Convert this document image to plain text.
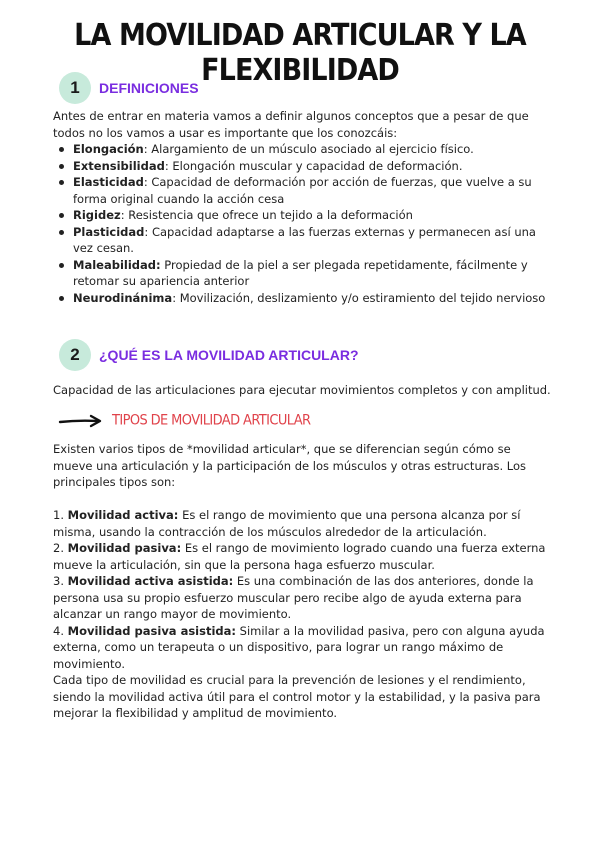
LA MOVILIDAD ARTICULAR Y LA FLEXIBILIDAD
1	DEFINICIONES

Antes de entrar en materia vamos a definir algunos conceptos que a pesar de que todos no los vamos a usar es importante que los conozcáis:

Elongación: Alargamiento de un músculo asociado al ejercicio físico.
Extensibilidad: Elongación muscular y capacidad de deformación.
Elasticidad: Capacidad de deformación por acción de fuerzas, que vuelve a su forma original cuando la acción cesa
Rigidez: Resistencia que ofrece un tejido a la deformación
Plasticidad: Capacidad adaptarse a las fuerzas externas y permanecen así una vez cesan.
Maleabilidad: Propiedad de la piel a ser plegada repetidamente, fácilmente y retomar su apariencia anterior
Neurodinánima: Movilización, deslizamiento y/o estiramiento del tejido nervioso
2	¿QUÉ ES LA MOVILIDAD ARTICULAR?

Capacidad de las articulaciones para ejecutar movimientos completos y con amplitud.

TIPOS DE MOVILIDAD ARTICULAR

Existen varios tipos de *movilidad articular*, que se diferencian según cómo se mueve una articulación y la participación de los músculos y otras estructuras. Los principales tipos son:

1. Movilidad activa: Es el rango de movimiento que una persona alcanza por sí misma, usando la contracción de los músculos alrededor de la articulación.

2. Movilidad pasiva: Es el rango de movimiento logrado cuando una fuerza externa mueve la articulación, sin que la persona haga esfuerzo muscular.

3. Movilidad activa asistida: Es una combinación de las dos anteriores, donde la persona usa su propio esfuerzo muscular pero recibe algo de ayuda externa para alcanzar un rango mayor de movimiento.

4. Movilidad pasiva asistida: Similar a la movilidad pasiva, pero con alguna ayuda externa, como un terapeuta o un dispositivo, para lograr un rango máximo de movimiento.

Cada tipo de movilidad es crucial para la prevención de lesiones y el rendimiento, siendo la movilidad activa útil para el control motor y la estabilidad, y la pasiva para mejorar la flexibilidad y amplitud de movimiento.
